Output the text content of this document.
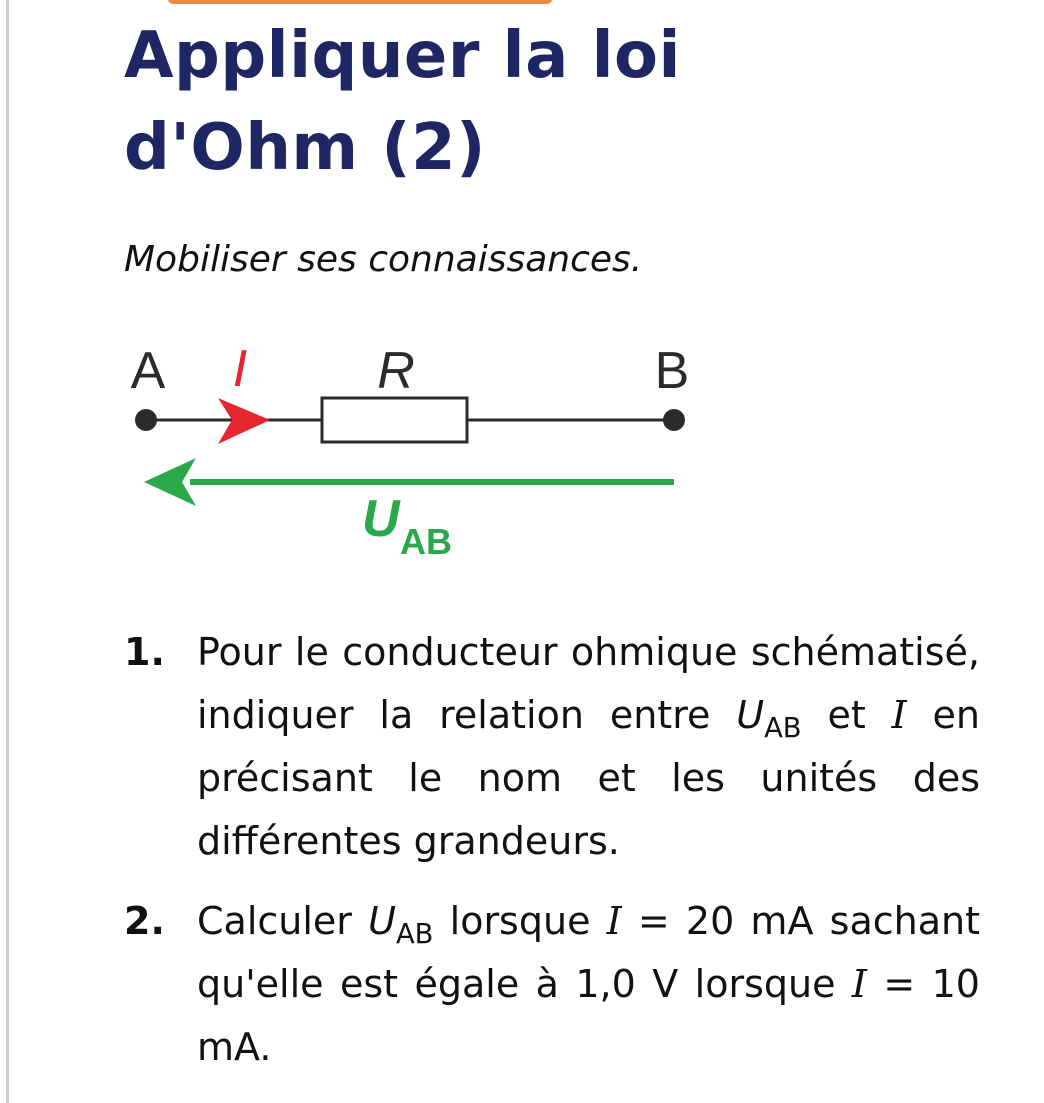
Appliquer la loi d'Ohm (2)

Mobiliser ses connaissances.

A I R	B
U AB
1. Pour le conducteur ohmique schématisé, indiquer la relation entre $U_{AB}$ et I en précisant le nom et les unités des différentes grandeurs.
2. Calculer $U_{AB}$ lorsque I = 20 mA sachant qu'elle est égale à 1,0 V lorsque I = 10 mA.
